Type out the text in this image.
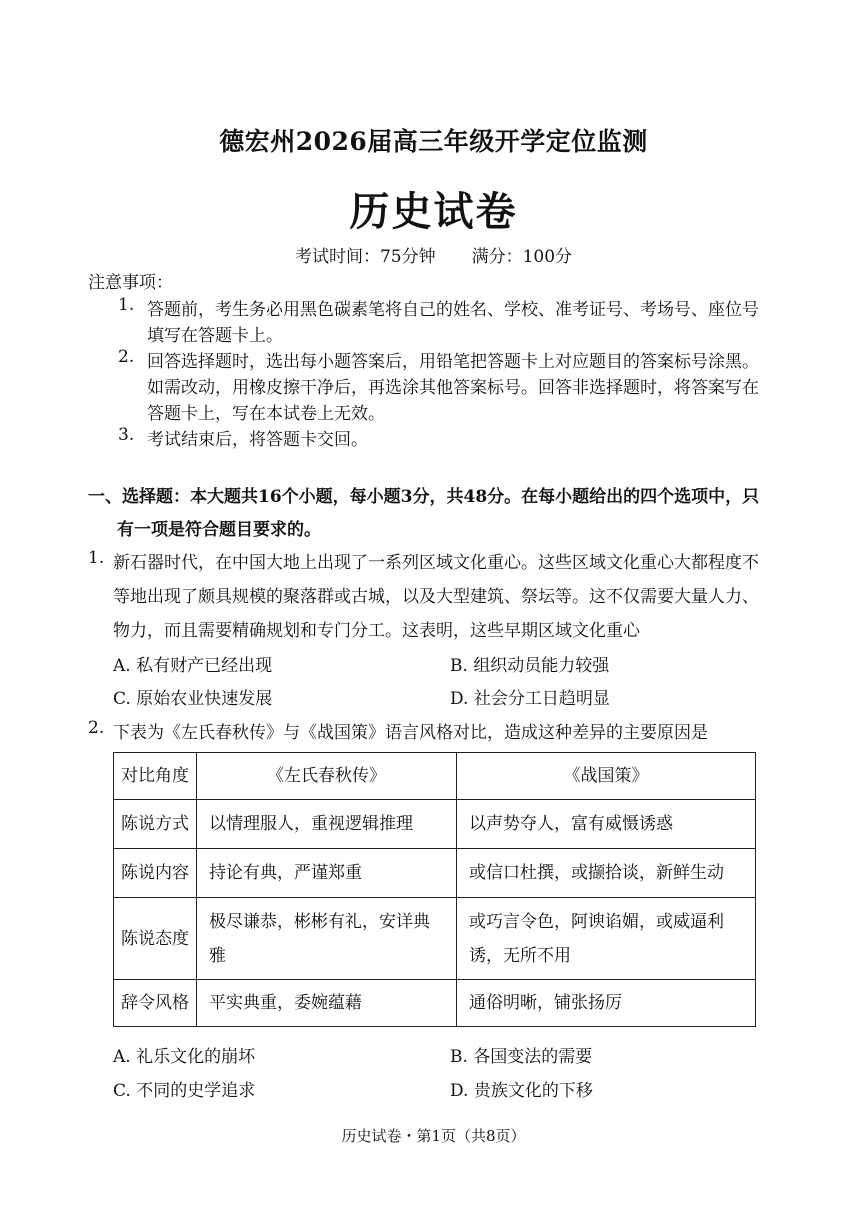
德宏州2026届高三年级开学定位监测
历史试卷
考试时间：75分钟 满分：100分
注意事项：
1. 答题前，考生务必用黑色碳素笔将自己的姓名、学校、准考证号、考场号、座位号
填写在答题卡上。
2. 回答选择题时，选出每小题答案后，用铅笔把答题卡上对应题目的答案标号涂黑。
如需改动，用橡皮擦干净后，再选涂其他答案标号。回答非选择题时，将答案写在
答题卡上，写在本试卷上无效。
3. 考试结束后，将答题卡交回。
一、选择题：本大题共16个小题，每小题3分，共48分。在每小题给出的四个选项中，只
有一项是符合题目要求的。
1. 新石器时代，在中国大地上出现了一系列区域文化重心。这些区域文化重心大都程度不
等地出现了颇具规模的聚落群或古城，以及大型建筑、祭坛等。这不仅需要大量人力、
物力，而且需要精确规划和专门分工。这表明，这些早期区域文化重心
A. 私有财产已经出现	B. 组织动员能力较强
C. 原始农业快速发展	D. 社会分工日趋明显
2. 下表为《左氏春秋传》与《战国策》语言风格对比，造成这种差异的主要原因是
对比角度	《左氏春秋传》	《战国策》
陈说方式	以情理服人，重视逻辑推理	以声势夺人，富有威慑诱惑
陈说内容	持论有典，严谨郑重	或信口杜撰，或撷拾谈，新鲜生动
陈说态度	极尽谦恭，彬彬有礼，安详典雅	或巧言令色，阿谀谄媚，或威逼利诱，无所不用
辞令风格	平实典重，委婉蕴藉	通俗明晰，铺张扬厉
A. 礼乐文化的崩坏	B. 各国变法的需要
C. 不同的史学追求	D. 贵族文化的下移
历史试卷・第1页（共8页）
